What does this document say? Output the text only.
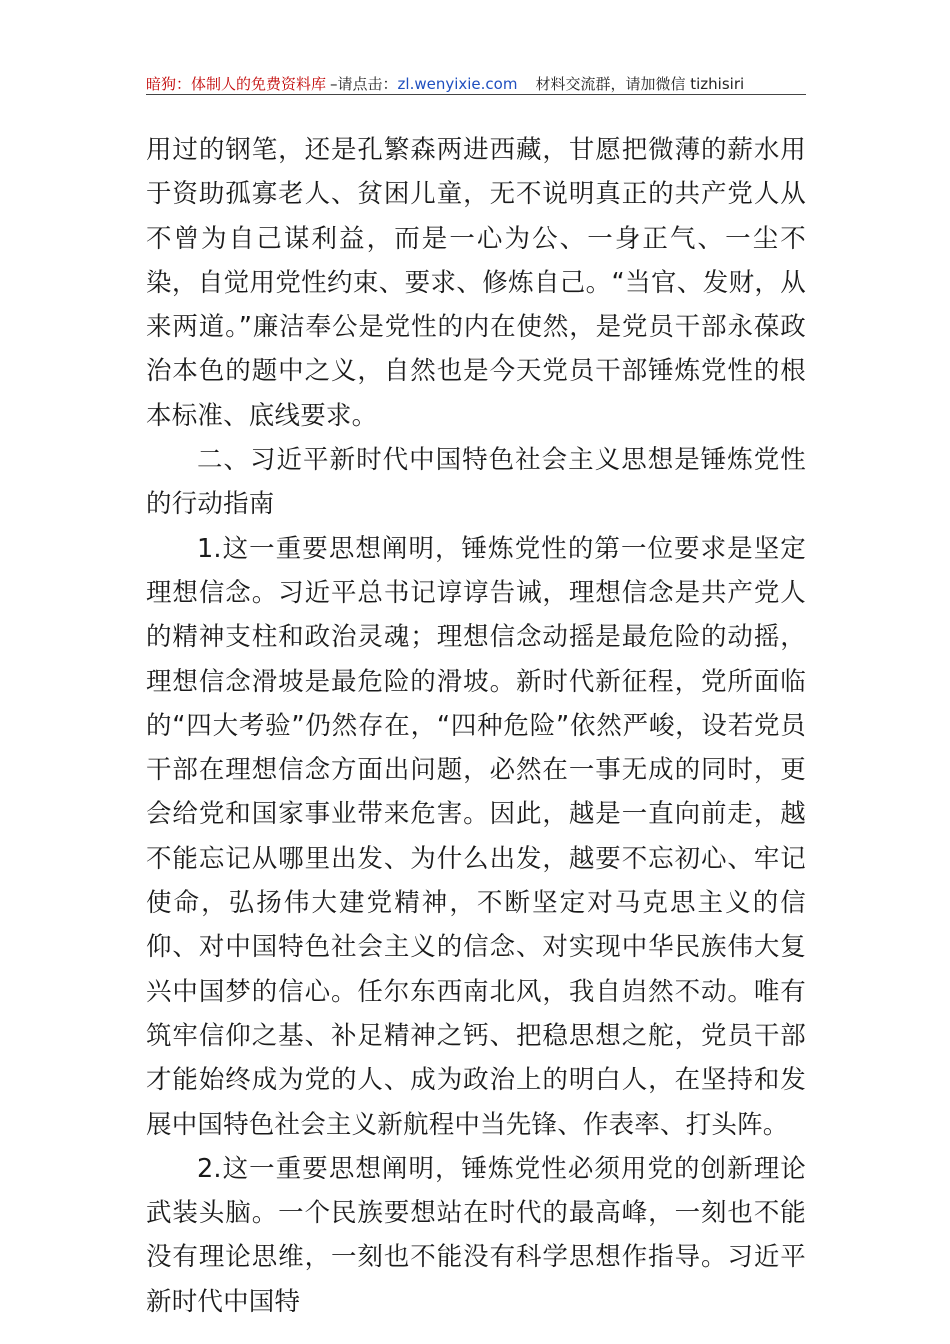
暗狗：体制人的免费资料库 –请点击： zl.wenyixie.com 材料交流群，请加微信 tizhisiri

用过的钢笔，还是孔繁森两进西藏，甘愿把微薄的薪水用于资助孤寡老人、贫困儿童，无不说明真正的共产党人从不曾为自己谋利益，而是一心为公、一身正气、一尘不染，自觉用党性约束、要求、修炼自己。“当官、发财，从来两道。”廉洁奉公是党性的内在使然，是党员干部永葆政治本色的题中之义，自然也是今天党员干部锤炼党性的根本标准、底线要求。

二、习近平新时代中国特色社会主义思想是锤炼党性的行动指南

1.这一重要思想阐明，锤炼党性的第一位要求是坚定理想信念。习近平总书记谆谆告诫，理想信念是共产党人的精神支柱和政治灵魂；理想信念动摇是最危险的动摇，理想信念滑坡是最危险的滑坡。新时代新征程，党所面临的“四大考验”仍然存在，“四种危险”依然严峻，设若党员干部在理想信念方面出问题，必然在一事无成的同时，更会给党和国家事业带来危害。因此，越是一直向前走，越不能忘记从哪里出发、为什么出发，越要不忘初心、牢记使命，弘扬伟大建党精神，不断坚定对马克思主义的信仰、对中国特色社会主义的信念、对实现中华民族伟大复兴中国梦的信心。任尔东西南北风，我自岿然不动。唯有筑牢信仰之基、补足精神之钙、把稳思想之舵，党员干部才能始终成为党的人、成为政治上的明白人，在坚持和发展中国特色社会主义新航程中当先锋、作表率、打头阵。

2.这一重要思想阐明，锤炼党性必须用党的创新理论武装头脑。一个民族要想站在时代的最高峰，一刻也不能没有理论思维，一刻也不能没有科学思想作指导。习近平新时代中国特
